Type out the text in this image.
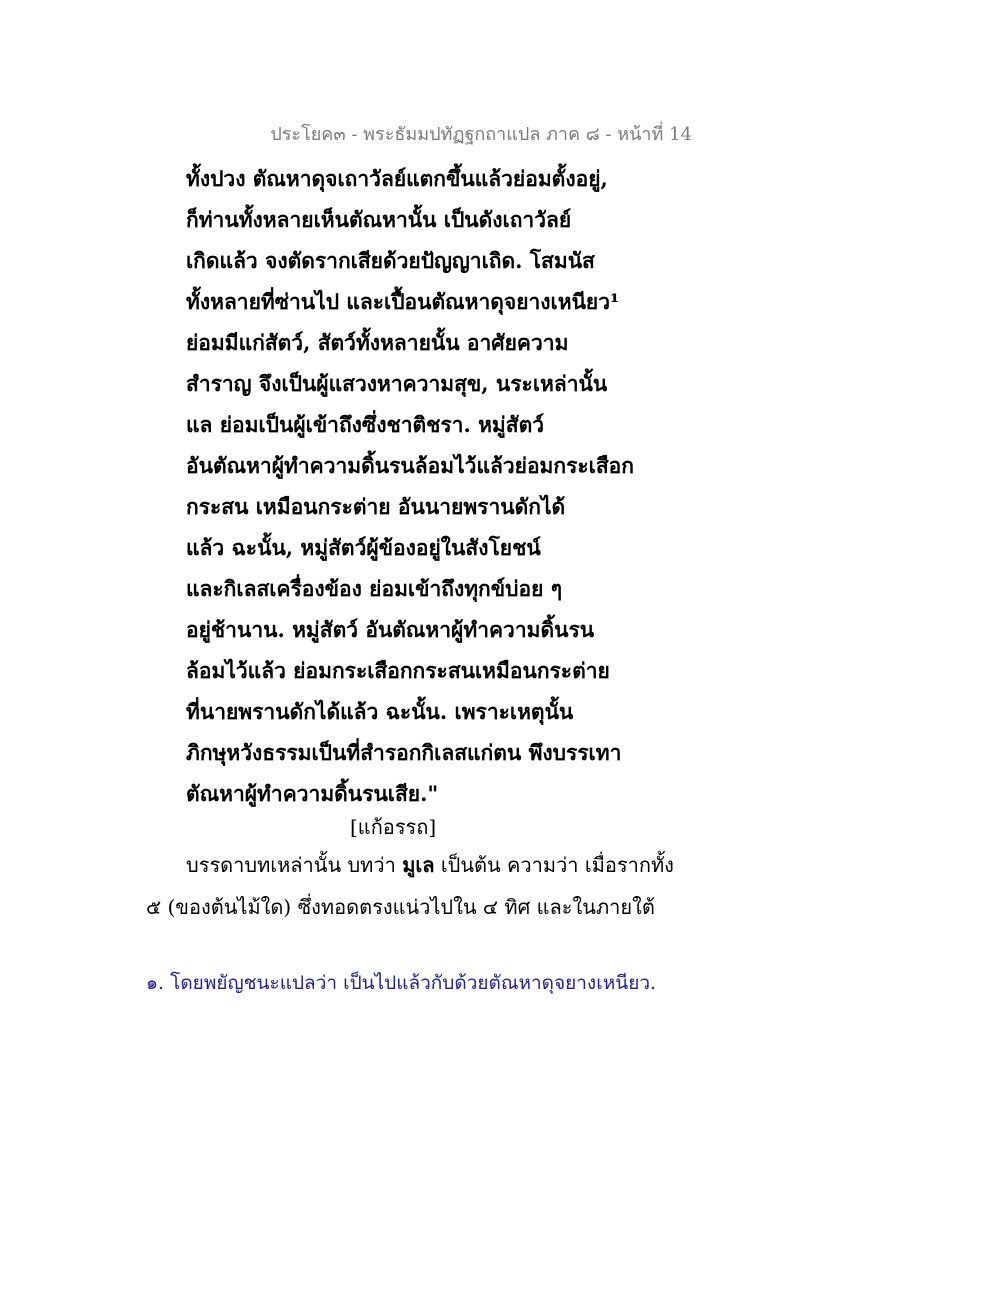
ประโยค๓ - พระธัมมปทัฏฐกถาแปล ภาค ๘ - หน้าที่ 14
ทั้งปวง ตัณหาดุจเถาวัลย์แตกขึ้นแล้วย่อมตั้งอยู่,
ก็ท่านทั้งหลายเห็นตัณหานั้น เป็นดังเถาวัลย์
เกิดแล้ว จงตัดรากเสียด้วยปัญญาเถิด. โสมนัส
ทั้งหลายที่ซ่านไป และเปื้อนตัณหาดุจยางเหนียว¹
ย่อมมีแก่สัตว์, สัตว์ทั้งหลายนั้น อาศัยความ
สำราญ จึงเป็นผู้แสวงหาความสุข, นระเหล่านั้น
แล ย่อมเป็นผู้เข้าถึงซึ่งชาติชรา. หมู่สัตว์
อันตัณหาผู้ทำความดิ้นรนล้อมไว้แล้วย่อมกระเสือก
กระสน เหมือนกระต่าย อันนายพรานดักได้
แล้ว ฉะนั้น, หมู่สัตว์ผู้ข้องอยู่ในสังโยชน์
และกิเลสเครื่องข้อง ย่อมเข้าถึงทุกข์บ่อย ๆ
อยู่ช้านาน. หมู่สัตว์ อันตัณหาผู้ทำความดิ้นรน
ล้อมไว้แล้ว ย่อมกระเสือกกระสนเหมือนกระต่าย
ที่นายพรานดักได้แล้ว ฉะนั้น. เพราะเหตุนั้น
ภิกษุหวังธรรมเป็นที่สำรอกกิเลสแก่ตน พึงบรรเทา
ตัณหาผู้ทำความดิ้นรนเสีย."
[แก้อรรถ]
บรรดาบทเหล่านั้น บทว่า มูเล เป็นต้น ความว่า เมื่อรากทั้ง
๕ (ของต้นไม้ใด) ซึ่งทอดตรงแน่วไปใน ๔ ทิศ และในภายใต้
๑. โดยพยัญชนะแปลว่า เป็นไปแล้วกับด้วยตัณหาดุจยางเหนียว.
